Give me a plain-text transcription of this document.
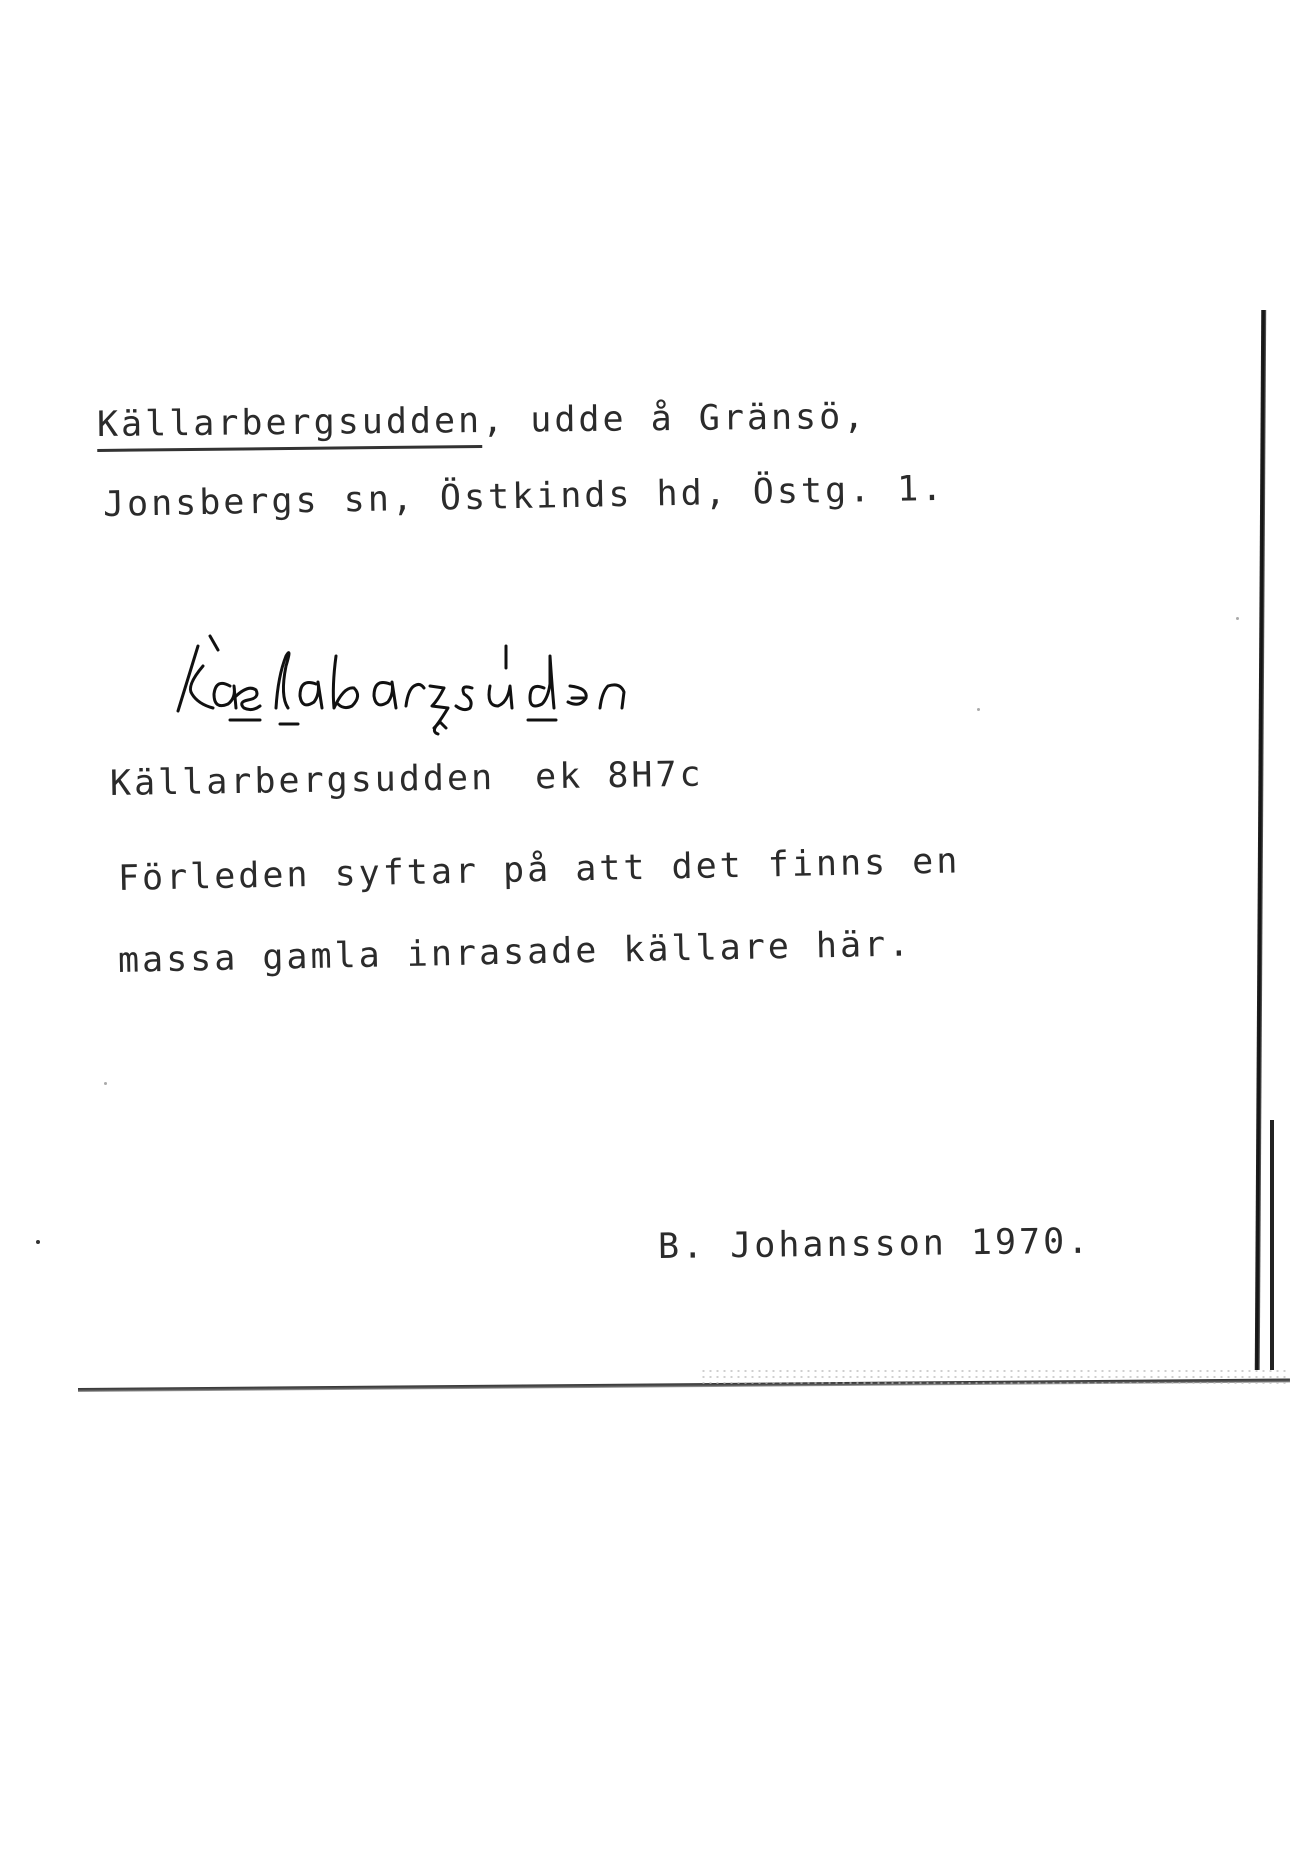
Källarbergsudden, udde å Gränsö,
Jonsbergs sn, Östkinds hd, Östg. 1.
Källarbergsudden ek 8H7c
Förleden syftar på att det finns en
massa gamla inrasade källare här.
B. Johansson 1970.
